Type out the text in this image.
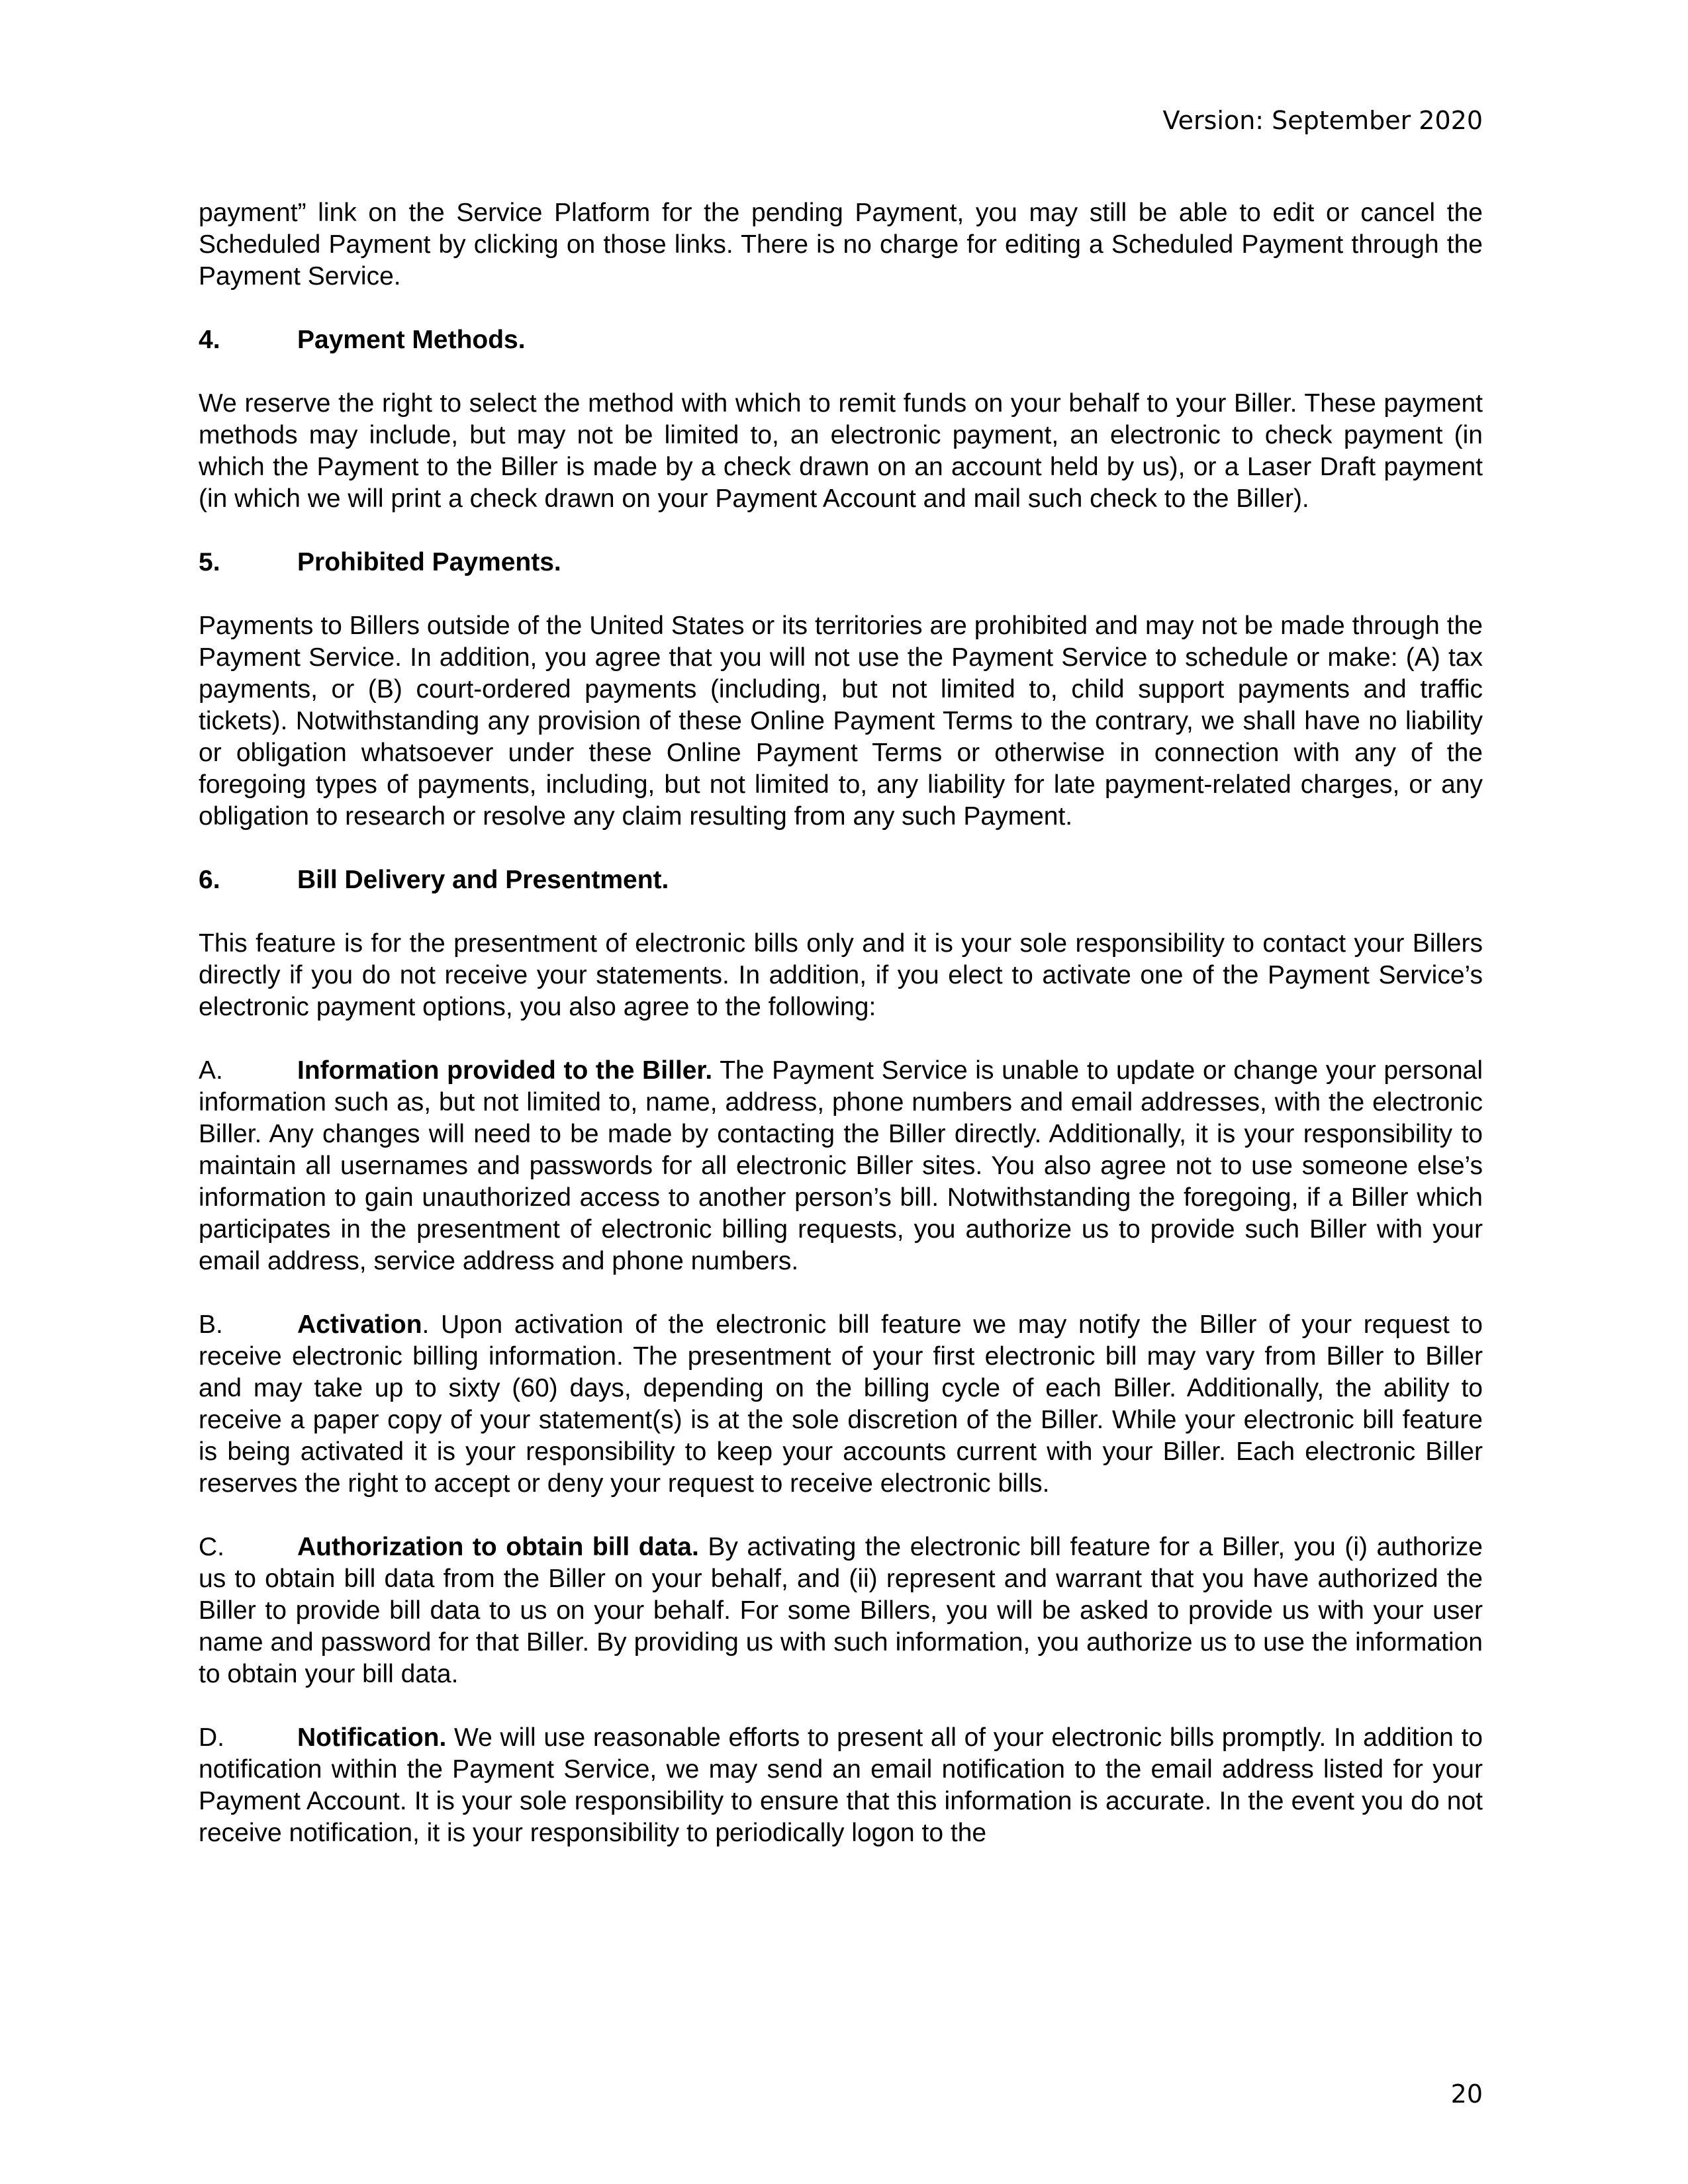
Version: September 2020

payment” link on the Service Platform for the pending Payment, you may still be able to edit or cancel the Scheduled Payment by clicking on those links. There is no charge for editing a Scheduled Payment through the Payment Service.

4.	Payment Methods.

We reserve the right to select the method with which to remit funds on your behalf to your Biller. These payment methods may include, but may not be limited to, an electronic payment, an electronic to check payment (in which the Payment to the Biller is made by a check drawn on an account held by us), or a Laser Draft payment (in which we will print a check drawn on your Payment Account and mail such check to the Biller).

5.	Prohibited Payments.

Payments to Billers outside of the United States or its territories are prohibited and may not be made through the Payment Service. In addition, you agree that you will not use the Payment Service to schedule or make: (A) tax payments, or (B) court-ordered payments (including, but not limited to, child support payments and traffic tickets). Notwithstanding any provision of these Online Payment Terms to the contrary, we shall have no liability or obligation whatsoever under these Online Payment Terms or otherwise in connection with any of the foregoing types of payments, including, but not limited to, any liability for late payment-related charges, or any obligation to research or resolve any claim resulting from any such Payment.

6.	Bill Delivery and Presentment.

This feature is for the presentment of electronic bills only and it is your sole responsibility to contact your Billers directly if you do not receive your statements. In addition, if you elect to activate one of the Payment Service’s electronic payment options, you also agree to the following:

A.	Information provided to the Biller. The Payment Service is unable to update or change your personal information such as, but not limited to, name, address, phone numbers and email addresses, with the electronic Biller. Any changes will need to be made by contacting the Biller directly. Additionally, it is your responsibility to maintain all usernames and passwords for all electronic Biller sites. You also agree not to use someone else’s information to gain unauthorized access to another person’s bill. Notwithstanding the foregoing, if a Biller which participates in the presentment of electronic billing requests, you authorize us to provide such Biller with your email address, service address and phone numbers.

B.	Activation. Upon activation of the electronic bill feature we may notify the Biller of your request to receive electronic billing information. The presentment of your first electronic bill may vary from Biller to Biller and may take up to sixty (60) days, depending on the billing cycle of each Biller. Additionally, the ability to receive a paper copy of your statement(s) is at the sole discretion of the Biller. While your electronic bill feature is being activated it is your responsibility to keep your accounts current with your Biller. Each electronic Biller reserves the right to accept or deny your request to receive electronic bills.

C.	Authorization to obtain bill data. By activating the electronic bill feature for a Biller, you (i) authorize us to obtain bill data from the Biller on your behalf, and (ii) represent and warrant that you have authorized the Biller to provide bill data to us on your behalf. For some Billers, you will be asked to provide us with your user name and password for that Biller. By providing us with such information, you authorize us to use the information to obtain your bill data.

D.	Notification. We will use reasonable efforts to present all of your electronic bills promptly. In addition to notification within the Payment Service, we may send an email notification to the email address listed for your Payment Account. It is your sole responsibility to ensure that this information is accurate. In the event you do not receive notification, it is your responsibility to periodically logon to the

20
